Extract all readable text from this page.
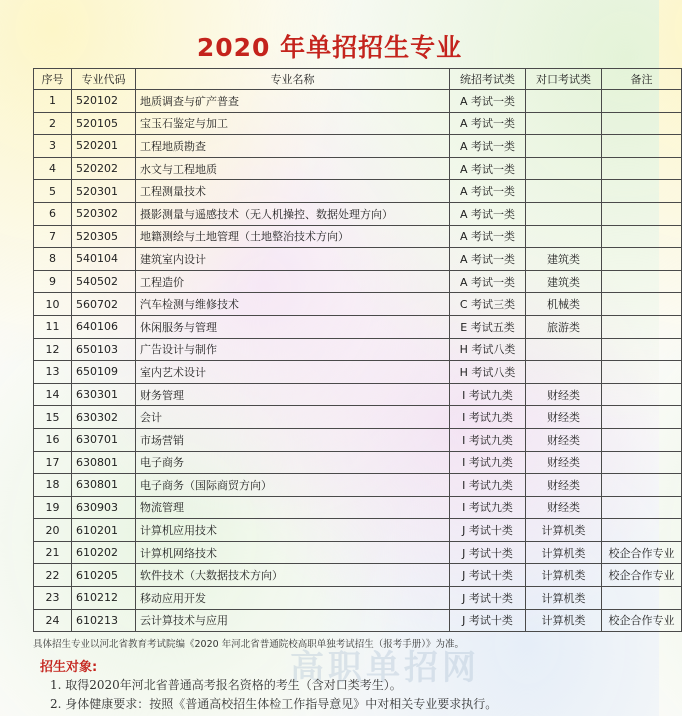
高职单招网
2020 年单招招生专业
序号	专业代码	专业名称	统招考试类	对口考试类	备注
1	520102	地质调查与矿产普查	A 考试一类		
2	520105	宝玉石鉴定与加工	A 考试一类		
3	520201	工程地质勘查	A 考试一类		
4	520202	水文与工程地质	A 考试一类		
5	520301	工程测量技术	A 考试一类		
6	520302	摄影测量与遥感技术（无人机操控、数据处理方向）	A 考试一类		
7	520305	地籍测绘与土地管理（土地整治技术方向）	A 考试一类		
8	540104	建筑室内设计	A 考试一类	建筑类	
9	540502	工程造价	A 考试一类	建筑类	
10	560702	汽车检测与维修技术	C 考试三类	机械类	
11	640106	休闲服务与管理	E 考试五类	旅游类	
12	650103	广告设计与制作	H 考试八类		
13	650109	室内艺术设计	H 考试八类		
14	630301	财务管理	I 考试九类	财经类	
15	630302	会计	I 考试九类	财经类	
16	630701	市场营销	I 考试九类	财经类	
17	630801	电子商务	I 考试九类	财经类	
18	630801	电子商务（国际商贸方向）	I 考试九类	财经类	
19	630903	物流管理	I 考试九类	财经类	
20	610201	计算机应用技术	J 考试十类	计算机类	
21	610202	计算机网络技术	J 考试十类	计算机类	校企合作专业
22	610205	软件技术（大数据技术方向）	J 考试十类	计算机类	校企合作专业
23	610212	移动应用开发	J 考试十类	计算机类	
24	610213	云计算技术与应用	J 考试十类	计算机类	校企合作专业
具体招生专业以河北省教育考试院编《2020 年河北省普通院校高职单独考试招生（报考手册）》为准。
招生对象:
1. 取得2020年河北省普通高考报名资格的考生（含对口类考生）。
2. 身体健康要求：按照《普通高校招生体检工作指导意见》中对相关专业要求执行。
